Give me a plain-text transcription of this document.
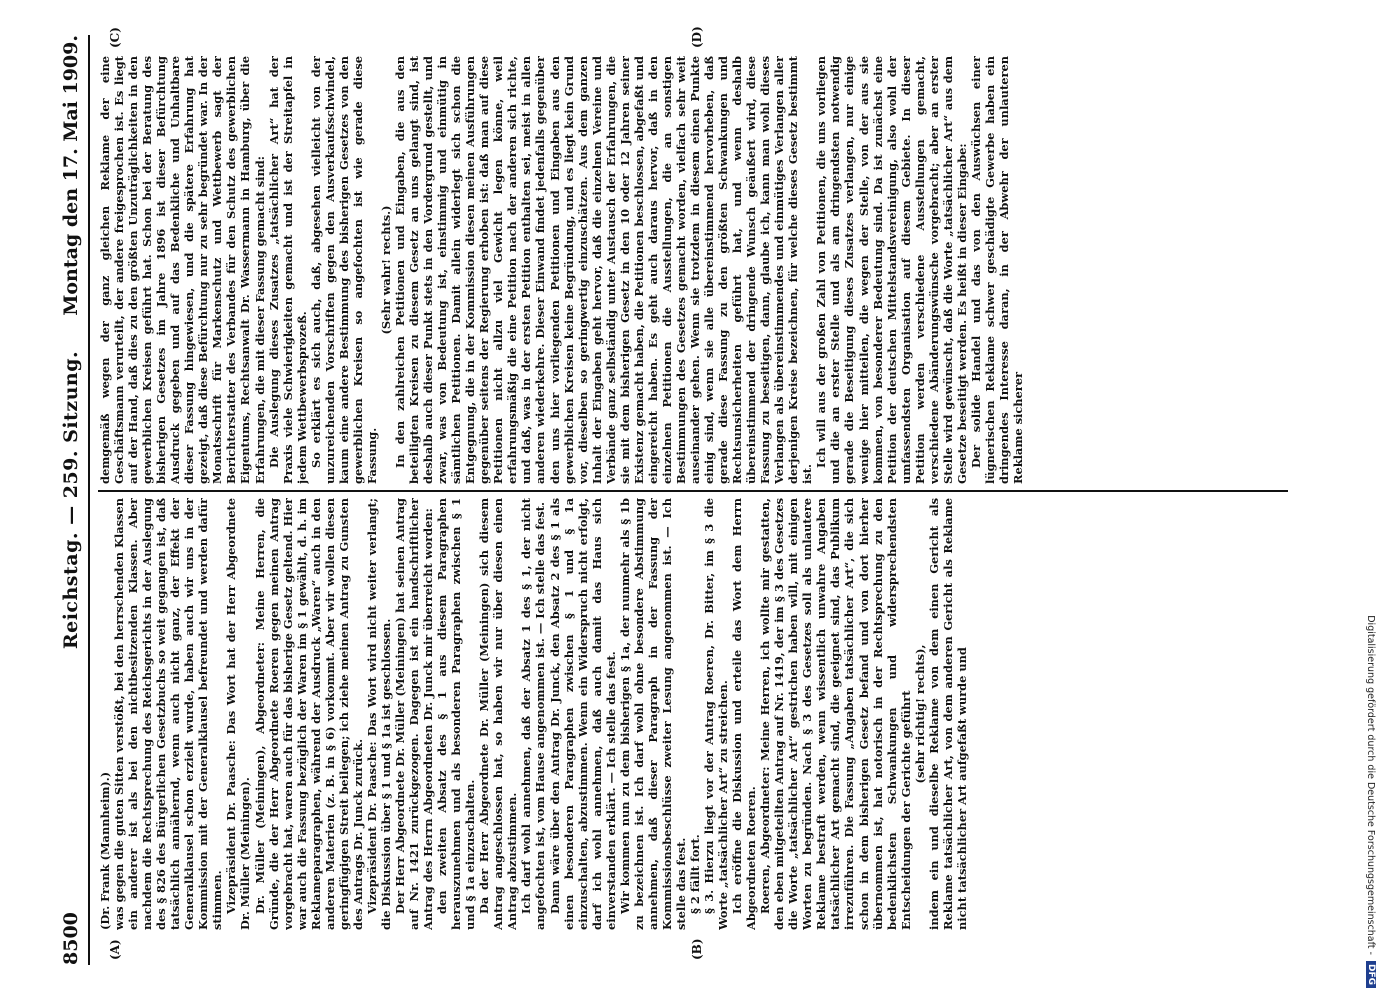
8500
Reichstag. — 259. Sitzung.
Montag den 17. Mai 1909.
(A)	(B)
(C)	(D)

(Dr. Frank (Mannheim).) was gegen die guten Sitten verstößt, bei den herrschenden Klassen ein anderer ist als bei den nichtbesitzenden Klassen. Aber nachdem die Rechtsprechung des Reichsgerichts in der Auslegung des § 826 des Bürgerlichen Gesetzbuchs so weit gegangen ist, daß tatsächlich annähernd, wenn auch nicht ganz, der Effekt der Generalklausel schon erzielt wurde, haben auch wir uns in der Kommission mit der Generalklausel befreundet und werden dafür stimmen. Vizepräsident Dr. Paasche: Das Wort hat der Herr Abgeordnete Dr. Müller (Meiningen). Dr. Müller (Meiningen), Abgeordneter: Meine Herren, die Gründe, die der Herr Abgeordnete Roeren gegen meinen Antrag vorgebracht hat, waren auch für das bisherige Gesetz geltend. Hier war auch die Fassung bezüglich der Waren im § 1 gewählt, d. h. im Reklameparagraphen, während der Ausdruck „Waren“ auch in den anderen Materien (z. B. in § 6) vorkommt. Aber wir wollen diesen geringfügigen Streit beilegen; ich ziehe meinen Antrag zu Gunsten des Antrags Dr. Junck zurück. Vizepräsident Dr. Paasche: Das Wort wird nicht weiter verlangt; die Diskussion über § 1 und § 1a ist geschlossen. Der Herr Abgeordnete Dr. Müller (Meiningen) hat seinen Antrag auf Nr. 1421 zurückgezogen. Dagegen ist ein handschriftlicher Antrag des Herrn Abgeordneten Dr. Junck mir überreicht worden: den zweiten Absatz des § 1 aus diesem Paragraphen herauszunehmen und als besonderen Paragraphen zwischen § 1 und § 1a einzuschalten. Da der Herr Abgeordnete Dr. Müller (Meiningen) sich diesem Antrag angeschlossen hat, so haben wir nur über diesen einen Antrag abzustimmen. Ich darf wohl annehmen, daß der Absatz 1 des § 1, der nicht angefochten ist, vom Hause angenommen ist. — Ich stelle das fest. Dann wäre über den Antrag Dr. Junck, den Absatz 2 des § 1 als einen besonderen Paragraphen zwischen § 1 und § 1a einzuschalten, abzustimmen. Wenn ein Widerspruch nicht erfolgt, darf ich wohl annehmen, daß auch damit das Haus sich einverstanden erklärt. — Ich stelle das fest. Wir kommen nun zu dem bisherigen § 1a, der nunmehr als § 1b zu bezeichnen ist. Ich darf wohl ohne besondere Abstimmung annehmen, daß dieser Paragraph in der Fassung der Kommissionsbeschlüsse zweiter Lesung angenommen ist. — Ich stelle das fest. § 2 fällt fort. § 3. Hierzu liegt vor der Antrag Roeren, Dr. Bitter, im § 3 die Worte „tatsächlicher Art“ zu streichen. Ich eröffne die Diskussion und erteile das Wort dem Herrn Abgeordneten Roeren. Roeren, Abgeordneter: Meine Herren, ich wollte mir gestatten, den eben mitgeteilten Antrag auf Nr. 1419, der im § 3 des Gesetzes die Worte „tatsächlicher Art“ gestrichen haben will, mit einigen Worten zu begründen. Nach § 3 des Gesetzes soll als unlautere Reklame bestraft werden, wenn wissentlich unwahre Angaben tatsächlicher Art gemacht sind, die geeignet sind, das Publikum irrezuführen. Die Fassung „Angaben tatsächlicher Art“, die sich schon in dem bisherigen Gesetz befand und von dort hierher übernommen ist, hat notorisch in der Rechtsprechung zu den bedenklichsten Schwankungen und widersprechendsten Entscheidungen der Gerichte geführt (sehr richtig! rechts), indem ein und dieselbe Reklame von dem einen Gericht als Reklame tatsächlicher Art, von dem anderen Gericht als Reklame nicht tatsächlicher Art aufgefaßt wurde und

demgemäß wegen der ganz gleichen Reklame der eine Geschäftsmann verurteilt, der andere freigesprochen ist. Es liegt auf der Hand, daß dies zu den größten Unzuträglichkeiten in den gewerblichen Kreisen geführt hat. Schon bei der Beratung des bisherigen Gesetzes im Jahre 1896 ist dieser Befürchtung Ausdruck gegeben und auf das Bedenkliche und Unhaltbare dieser Fassung hingewiesen, und die spätere Erfahrung hat gezeigt, daß diese Befürchtung nur zu sehr begründet war. In der Monatsschrift für Markenschutz und Wettbewerb sagt der Berichterstatter des Verbandes für den Schutz des gewerblichen Eigentums, Rechtsanwalt Dr. Wassermann in Hamburg, über die Erfahrungen, die mit dieser Fassung gemacht sind: Die Auslegung dieses Zusatzes „tatsächlicher Art“ hat der Praxis viele Schwierigkeiten gemacht und ist der Streitapfel in jedem Wettbewerbsprozeß. So erklärt es sich auch, daß, abgesehen vielleicht von der unzureichenden Vorschriften gegen den Ausverkaufsschwindel, kaum eine andere Bestimmung des bisherigen Gesetzes von den gewerblichen Kreisen so angefochten ist wie gerade diese Fassung.

(Sehr wahr! rechts.) In den zahlreichen Petitionen und Eingaben, die aus den beteiligten Kreisen zu diesem Gesetz an uns gelangt sind, ist deshalb auch dieser Punkt stets in den Vordergrund gestellt, und zwar, was von Bedeutung ist, einstimmig und einmütig in sämtlichen Petitionen. Damit allein widerlegt sich schon die Entgegnung, die in der Kommission diesen meinen Ausführungen gegenüber seitens der Regierung erhoben ist: daß man auf diese Petitionen nicht allzu viel Gewicht legen könne, weil erfahrungsmäßig die eine Petition nach der anderen sich richte, und daß, was in der ersten Petition enthalten sei, meist in allen anderen wiederkehre. Dieser Einwand findet jedenfalls gegenüber den uns hier vorliegenden Petitionen und Eingaben aus den gewerblichen Kreisen keine Begründung, und es liegt kein Grund vor, dieselben so geringwertig einzuschätzen. Aus dem ganzen Inhalt der Eingaben geht hervor, daß die einzelnen Vereine und Verbände ganz selbständig unter Austausch der Erfahrungen, die sie mit dem bisherigen Gesetz in den 10 oder 12 Jahren seiner Existenz gemacht haben, die Petitionen beschlossen, abgefaßt und eingereicht haben. Es geht auch daraus hervor, daß in den einzelnen Petitionen die Ausstellungen, die an sonstigen Bestimmungen des Gesetzes gemacht worden, vielfach sehr weit auseinander gehen. Wenn sie trotzdem in diesem einen Punkte einig sind, wenn sie alle übereinstimmend hervorheben, daß gerade diese Fassung zu den größten Schwankungen und Rechtsunsicherheiten geführt hat, und wenn deshalb übereinstimmend der dringende Wunsch geäußert wird, diese Fassung zu beseitigen, dann, glaube ich, kann man wohl dieses Verlangen als übereinstimmendes und einmütiges Verlangen aller derjenigen Kreise bezeichnen, für welche dieses Gesetz bestimmt ist.

Ich will aus der großen Zahl von Petitionen, die uns vorliegen und die an erster Stelle und als am dringendsten notwendig gerade die Beseitigung dieses Zusatzes verlangen, nur einige wenige hier mitteilen, die wegen der Stelle, von der aus sie kommen, von besonderer Bedeutung sind. Da ist zunächst eine Petition der deutschen Mittelstandsvereinigung, also wohl der umfassendsten Organisation auf diesem Gebiete. In dieser Petition werden verschiedene Ausstellungen gemacht, verschiedene Abänderungswünsche vorgebracht; aber an erster Stelle wird gewünscht, daß die Worte „tatsächlicher Art“ aus dem Gesetze beseitigt werden. Es heißt in dieser Eingabe: Der solide Handel und das von den Auswüchsen einer lügnerischen Reklame schwer geschädigte Gewerbe haben ein dringendes Interesse daran, in der Abwehr der unlauteren Reklame sicherer

Digitalisierung gefördert durch die Deutsche Forschungsgemeinschaft -
DFG
